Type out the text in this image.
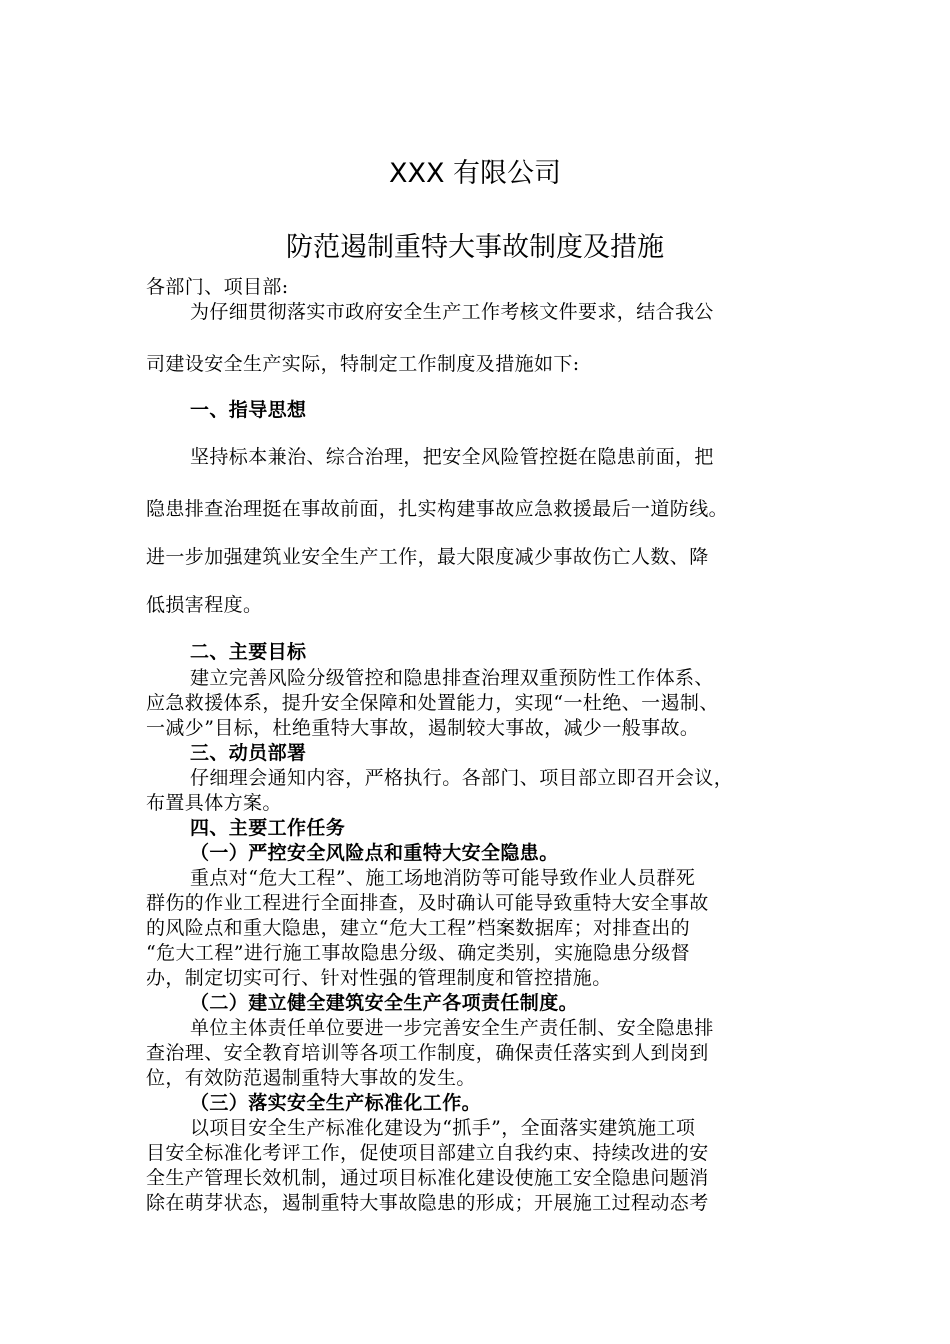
XXX 有限公司
防范遏制重特大事故制度及措施
各部门、项目部:
为仔细贯彻落实市政府安全生产工作考核文件要求，结合我公
司建设安全生产实际，特制定工作制度及措施如下:
一、指导思想
坚持标本兼治、综合治理，把安全风险管控挺在隐患前面，把
隐患排查治理挺在事故前面，扎实构建事故应急救援最后一道防线。
进一步加强建筑业安全生产工作，最大限度减少事故伤亡人数、降
低损害程度。
二、主要目标
建立完善风险分级管控和隐患排查治理双重预防性工作体系、
应急救援体系，提升安全保障和处置能力，实现“一杜绝、一遏制、
一减少”目标，杜绝重特大事故，遏制较大事故，减少一般事故。
三、动员部署
仔细理会通知内容，严格执行。各部门、项目部立即召开会议，
布置具体方案。
四、主要工作任务
（一）严控安全风险点和重特大安全隐患。
重点对“危大工程”、施工场地消防等可能导致作业人员群死
群伤的作业工程进行全面排查，及时确认可能导致重特大安全事故
的风险点和重大隐患，建立“危大工程”档案数据库；对排查出的
“危大工程”进行施工事故隐患分级、确定类别，实施隐患分级督
办，制定切实可行、针对性强的管理制度和管控措施。
（二）建立健全建筑安全生产各项责任制度。
单位主体责任单位要进一步完善安全生产责任制、安全隐患排
查治理、安全教育培训等各项工作制度，确保责任落实到人到岗到
位，有效防范遏制重特大事故的发生。
（三）落实安全生产标准化工作。
以项目安全生产标准化建设为“抓手”，全面落实建筑施工项
目安全标准化考评工作，促使项目部建立自我约束、持续改进的安
全生产管理长效机制，通过项目标准化建设使施工安全隐患问题消
除在萌芽状态，遏制重特大事故隐患的形成；开展施工过程动态考
